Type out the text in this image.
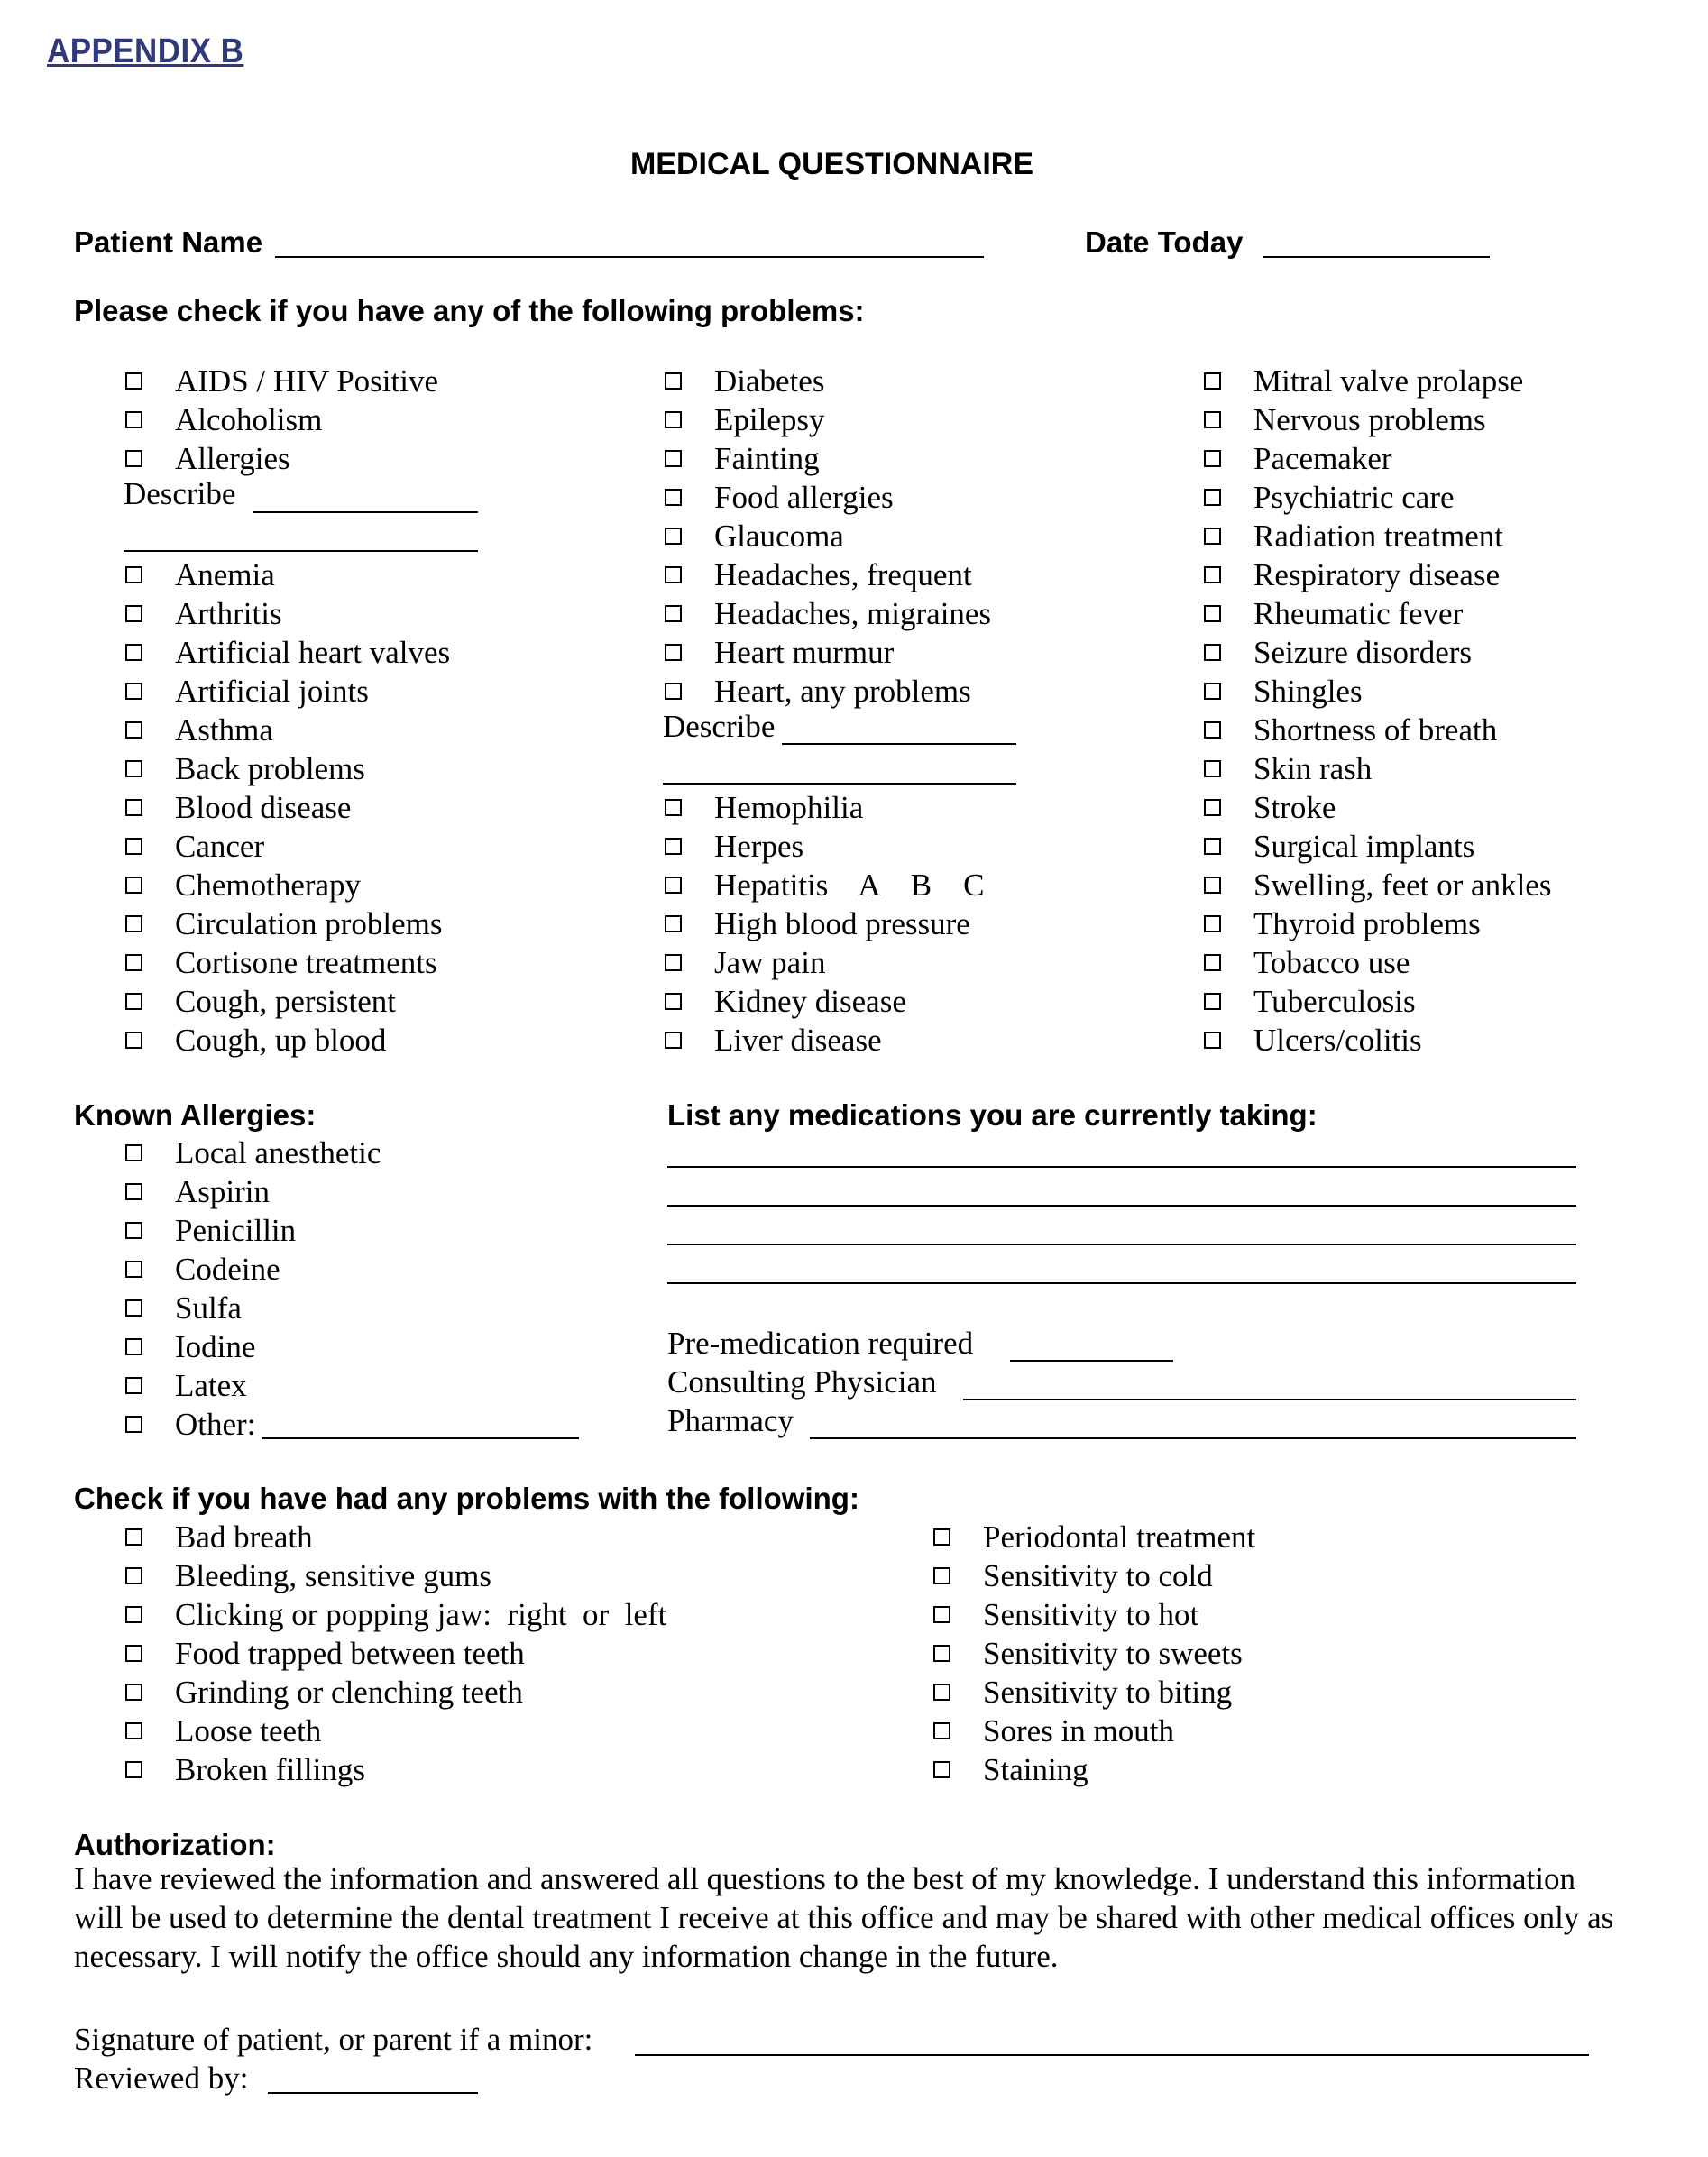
APPENDIX B
MEDICAL QUESTIONNAIRE
Patient Name	Date Today
Please check if you have any of the following problems:
AIDS / HIV Positive
Alcoholism
Allergies
Describe
Anemia
Arthritis
Artificial heart valves
Artificial joints
Asthma
Back problems
Blood disease
Cancer
Chemotherapy
Circulation problems
Cortisone treatments
Cough, persistent
Cough, up blood
Diabetes
Epilepsy
Fainting
Food allergies
Glaucoma
Headaches, frequent
Headaches, migraines
Heart murmur
Heart, any problems
Describe
Hemophilia
Herpes
Hepatitis    A    B    C
High blood pressure
Jaw pain
Kidney disease
Liver disease
Mitral valve prolapse
Nervous problems
Pacemaker
Psychiatric care
Radiation treatment
Respiratory disease
Rheumatic fever
Seizure disorders
Shingles
Shortness of breath
Skin rash
Stroke
Surgical implants
Swelling, feet or ankles
Thyroid problems
Tobacco use
Tuberculosis
Ulcers/colitis
Known Allergies:
Local anesthetic
Aspirin
Penicillin
Codeine
Sulfa
Iodine
Latex
Other:
List any medications you are currently taking:
Pre-medication required
Consulting Physician
Pharmacy
Check if you have had any problems with the following:
Bad breath
Bleeding, sensitive gums
Clicking or popping jaw:  right  or  left
Food trapped between teeth
Grinding or clenching teeth
Loose teeth
Broken fillings
Periodontal treatment
Sensitivity to cold
Sensitivity to hot
Sensitivity to sweets
Sensitivity to biting
Sores in mouth
Staining
Authorization:
I have reviewed the information and answered all questions to the best of my knowledge. I understand this information will be used to determine the dental treatment I receive at this office and may be shared with other medical offices only as necessary. I will notify the office should any information change in the future.
Signature of patient, or parent if a minor:
Reviewed by:
